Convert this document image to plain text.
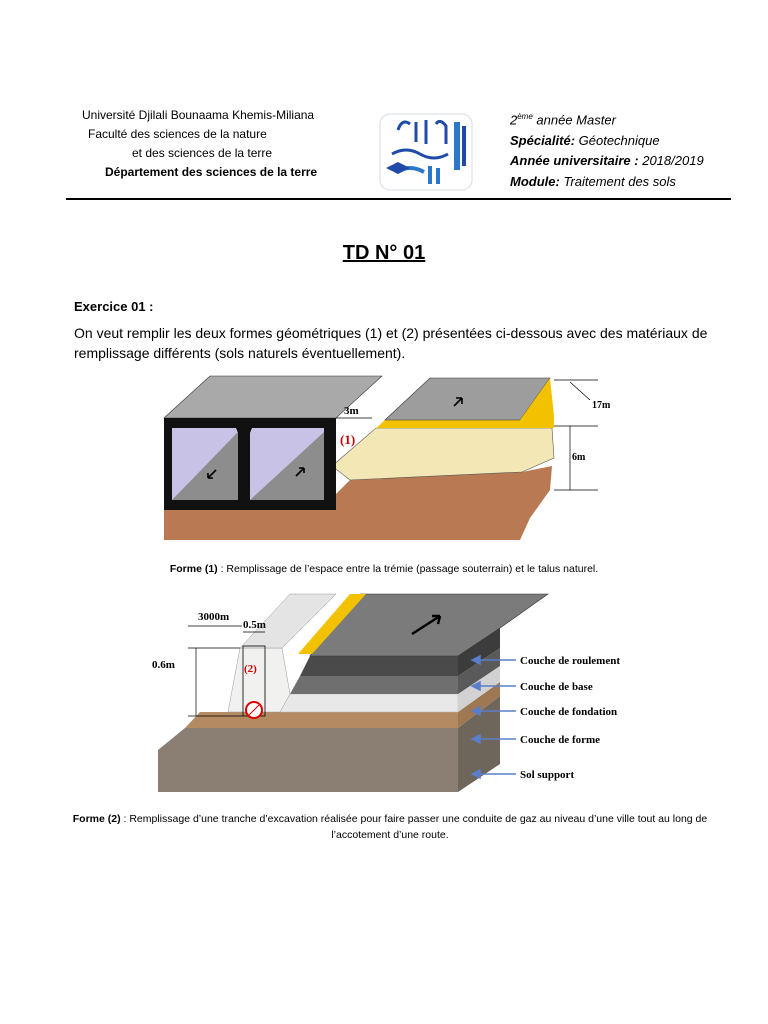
Université Djilali Bounaama Khemis-Miliana
Faculté des sciences de la nature
et des sciences de la terre
Département des sciences de la terre
2ème année Master
Spécialité: Géotechnique
Année universitaire : 2018/2019
Module: Traitement des sols
TD N° 01
Exercice 01 :
On veut remplir les deux formes géométriques (1) et (2) présentées ci-dessous avec des matériaux de remplissage différents (sols naturels éventuellement).
3m
(1)
17m
6m
Forme (1) : Remplissage de l’espace entre la trémie (passage souterrain) et le talus naturel.
3000m
0.5m
0.6m	(2)
Couche de roulement
Couche de base
Couche de fondation
Couche de forme
Sol support
Forme (2) : Remplissage d’une tranche d’excavation réalisée pour faire passer une conduite de gaz au niveau d’une ville tout au long de l’accotement d’une route.
